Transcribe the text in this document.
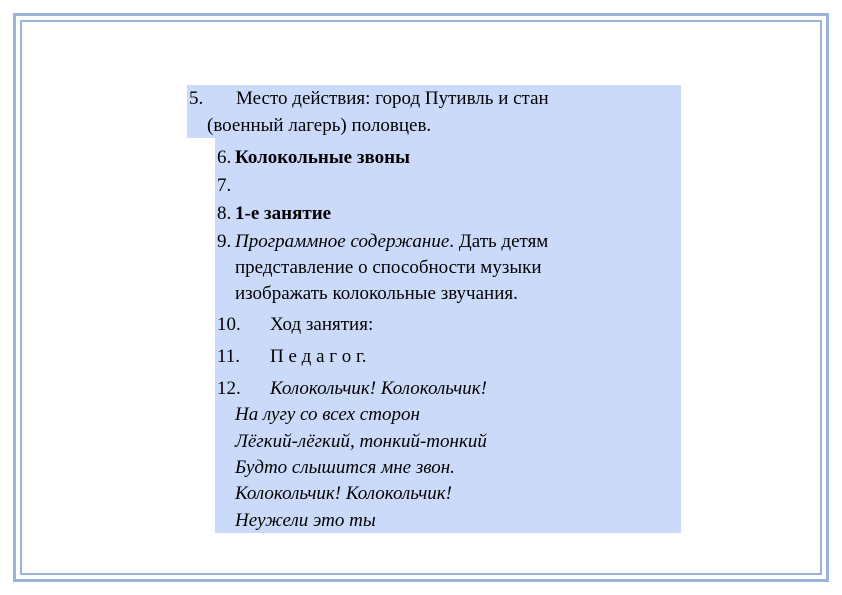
5. Место действия: город Путивль и стан
(военный лагерь) половцев.
6. Колокольные звоны
7.
8. 1-е занятие
9. Программное содержание. Дать детям
представление о способности музыки
изображать колокольные звучания.
10. Ход занятия:
11. П е д а г о г.
12. Колокольчик! Колокольчик!
На лугу со всех сторон
Лёгкий-лёгкий, тонкий-тонкий
Будто слышится мне звон.
Колокольчик! Колокольчик!
Неужели это ты
